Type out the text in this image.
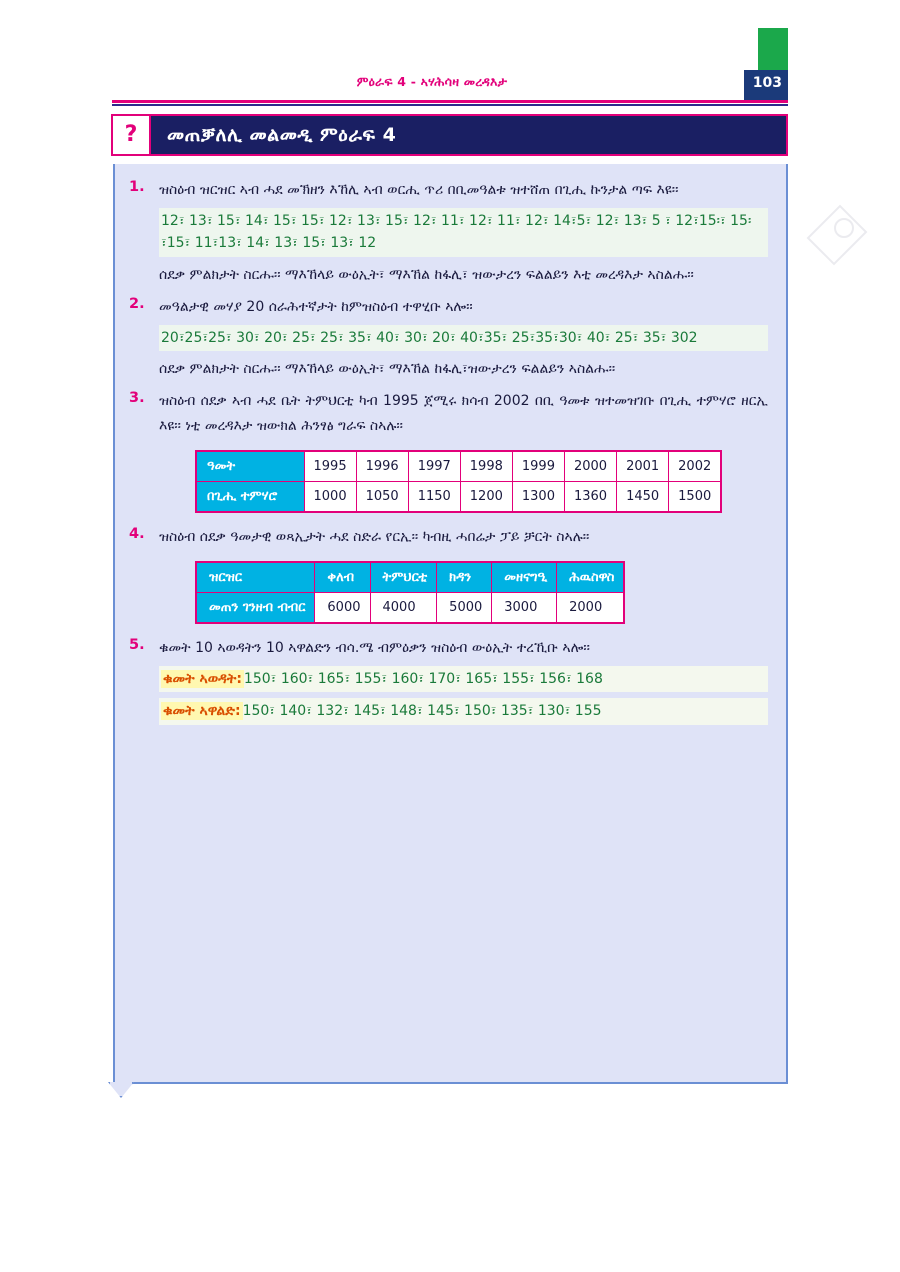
ምዕራፍ 4 - ኣሃሕሳዛ መረዳእታ	103
? መጠቓለሊ መልመዲ ምዕራፍ 4
1.	ዝስዕብ ዝርዝር ኣብ ሓደ መኽዘን እኸሊ ኣብ ወርሒ ጥሪ በቢመዓልቱ ዝተሸጠ በጊሒ ኩንታል ጣፍ እዩ፡፡

12፣ 13፣ 15፣ 14፣ 15፣ 15፣ 12፣ 13፣ 15፣ 12፣ 11፣ 12፣ 11፣ 12፣ 14፣5፣ 12፣ 13፣ 5 ፣ 12፣15፡፣ 15፡፣15፣ 11፣13፣ 14፣ 13፣ 15፣ 13፣ 12

ሰደቃ ምልክታት ስርሑ፡፡ ማእኸላይ ውዕኢት፣ ማእኸል ከፋሊ፣ ዝውታረን ፍልልይን እቲ መረዳእታ ኣስልሑ፡፡

2.	መዓልታዊ መሃያ 20 ሰራሕተኛታት ከምዝስዕብ ተዋሂቡ ኣሎ፡፡

20፣25፣25፣ 30፣ 20፣ 25፣ 25፣ 35፣ 40፣ 30፣ 20፣ 40፣35፣ 25፣35፣30፣ 40፣ 25፣ 35፣ 302

ሰደቃ ምልክታት ስርሑ፡፡ ማእኸላይ ውዕኢት፣ ማእኸል ከፋሊ፣ዝውታረን ፍልልይን ኣስልሑ፡፡

3.	ዝስዕብ ሰደቃ ኣብ ሓደ ቤት ትምህርቲ ካብ 1995 ጀሚሩ ክሳብ 2002 በቢ ዓመቱ ዝተመዝገቡ በጊሒ ተምሃሮ ዘርኢ እዩ፡፡ ነቲ መረዳእታ ዝውክል ሕንፃፅ ግራፍ ስኣሉ፡፡

ዓመት	1995	1996	1997	1998	1999	2000	2001	2002
በጊሒ ተምሃሮ	1000	1050	1150	1200	1300	1360	1450	1500
4.	ዝስዕብ ሰደቃ ዓመታዊ ወጻኢታት ሓደ ስድራ የርኢ፡፡ ካብዚ ሓበሬታ ፓይ ቻርት ስኣሉ፡፡

ዝርዝር	ቀለብ	ትምህርቲ	ክዳን	መዘናግዒ	ሕዉስዋስ
መጠን ገንዘብ ብብር	6000	4000	5000	3000	2000
5.	ቁመት 10 ኣወዳትን 10 ኣዋልድን ብሳ.ሜ ብምዕቃን ዝስዕብ ውዕኢት ተረኺቡ ኣሎ፡፡

ቁመት ኣወዳት: 150፣ 160፣ 165፣ 155፣ 160፣ 170፣ 165፣ 155፣ 156፣ 168
ቁመት ኣዋልድ: 150፣ 140፣ 132፣ 145፣ 148፣ 145፣ 150፣ 135፣ 130፣ 155
